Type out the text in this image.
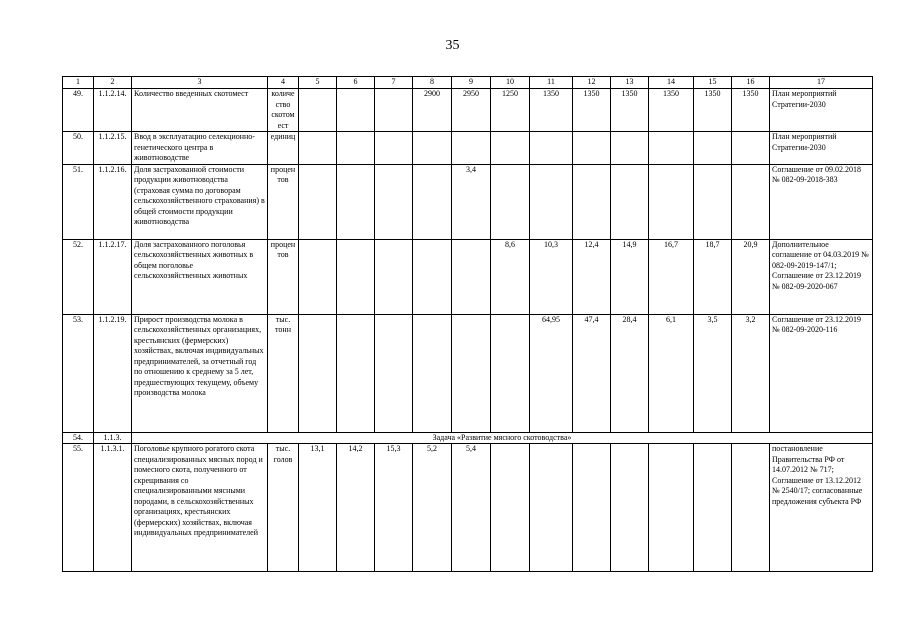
35
1	2	3	4	5	6	7	8	9	10	11	12	13	14	15	16	17
49.	1.1.2.14.	Количество введенных скотомест	количество скотомест				2900	2950	1250	1350	1350	1350	1350	1350	1350	План мероприятий Стратегии-2030
50.	1.1.2.15.	Ввод в эксплуатацию селекционно-генетического центра в животноводстве	единиц													План мероприятий Стратегии-2030
51.	1.1.2.16.	Доля застрахованной стоимости продукции животноводства (страховая сумма по договорам сельскохозяйственного страхования) в общей стоимости продукции животноводства	процентов					3,4								Соглашение от 09.02.2018 № 082-09-2018-383
52.	1.1.2.17.	Доля застрахованного поголовья сельскохозяйственных животных в общем поголовье сельскохозяйственных животных	процентов						8,6	10,3	12,4	14,9	16,7	18,7	20,9	Дополнительное соглашение от 04.03.2019 № 082-09-2019-147/1; Соглашение от 23.12.2019 № 082-09-2020-067
53.	1.1.2.19.	Прирост производства молока в сельскохозяйственных организациях, крестьянских (фермерских) хозяйствах, включая индивидуальных предпринимателей, за отчетный год по отношению к среднему за 5 лет, предшествующих текущему, объему производства молока	тыс. тонн							64,95	47,4	28,4	6,1	3,5	3,2	Соглашение от 23.12.2019 № 082-09-2020-116
54.	1.1.3.	Задача «Развитие мясного скотоводства»														
55.	1.1.3.1.	Поголовье крупного рогатого скота специализированных мясных пород и помесного скота, полученного от скрещивания со специализированными мясными породами, в сельскохозяйственных организациях, крестьянских (фермерских) хозяйствах, включая индивидуальных предпринимателей	тыс. голов	13,1	14,2	15,3	5,2	5,4								постановление Правительства РФ от 14.07.2012 № 717; Соглашение от 13.12.2012 № 2540/17; согласованные предложения субъекта РФ
